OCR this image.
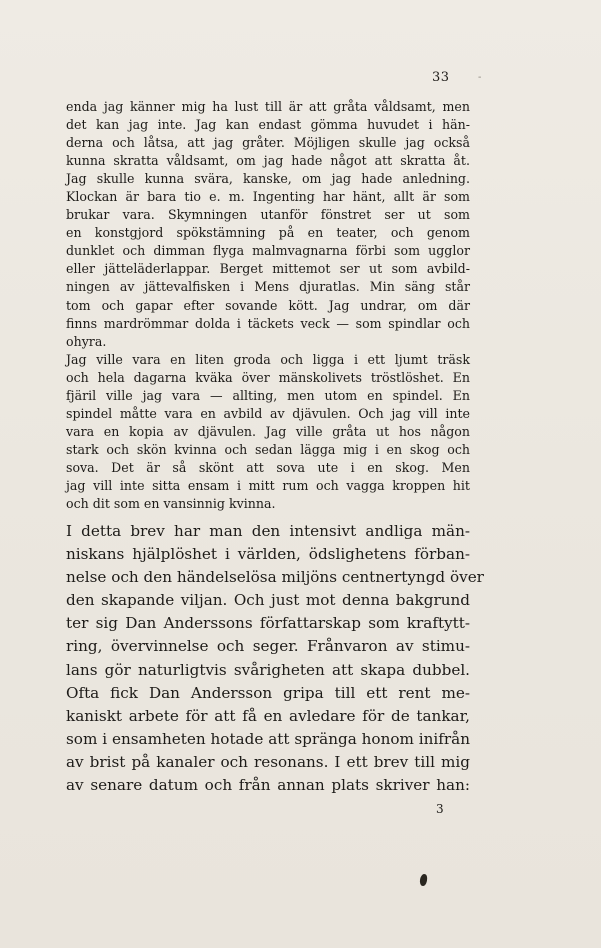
33	-
enda jag känner mig ha lust till är att gråta våldsamt, men
det kan jag inte. Jag kan endast gömma huvudet i hän-
derna och låtsa, att jag gråter. Möjligen skulle jag också
kunna skratta våldsamt, om jag hade något att skratta åt.
Jag skulle kunna svära, kanske, om jag hade anledning.
Klockan är bara tio e. m. Ingenting har hänt, allt är som
brukar vara. Skymningen utanför fönstret ser ut som
en konstgjord spökstämning på en teater, och genom
dunklet och dimman flyga malmvagnarna förbi som ugglor
eller jätteläderlappar. Berget mittemot ser ut som avbild-
ningen av jättevalfisken i Mens djuratlas. Min säng står
tom och gapar efter sovande kött. Jag undrar, om där
finns mardrömmar dolda i täckets veck — som spindlar och
ohyra.
Jag ville vara en liten groda och ligga i ett ljumt träsk
och hela dagarna kväka över mänskolivets tröstlöshet. En
fjäril ville jag vara — allting, men utom en spindel. En
spindel måtte vara en avbild av djävulen. Och jag vill inte
vara en kopia av djävulen. Jag ville gråta ut hos någon
stark och skön kvinna och sedan lägga mig i en skog och
sova. Det är så skönt att sova ute i en skog. Men
jag vill inte sitta ensam i mitt rum och vagga kroppen hit
och dit som en vansinnig kvinna.
I detta brev har man den intensivt andliga män-
niskans hjälplöshet i världen, ödslighetens förban-
nelse och den händelselösa miljöns centnertyngd över
den skapande viljan. Och just mot denna bakgrund
ter sig Dan Anderssons författarskap som kraftytt-
ring, övervinnelse och seger. Frånvaron av stimu-
lans gör naturligtvis svårigheten att skapa dubbel.
Ofta fick Dan Andersson gripa till ett rent me-
kaniskt arbete för att få en avledare för de tankar,
som i ensamheten hotade att spränga honom inifrån
av brist på kanaler och resonans. I ett brev till mig
av senare datum och från annan plats skriver han:
3
